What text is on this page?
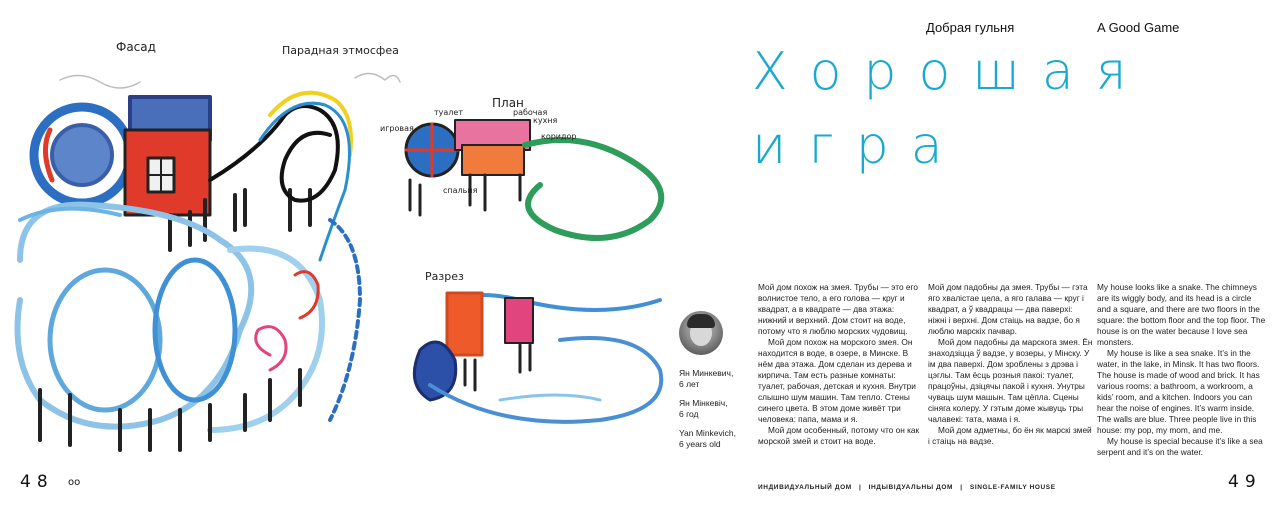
Фасад	Парадная этмосфеа
План
туалет
игровая
рабочая
кухня
коридор
спальня
Разрез
48 oo
Добрая гульня	A Good Game
Хорошая
игра
Ян Минкевич,
6 лет
Ян Мінкевіч,
6 год
Yan Minkevich,
6 years old

Мой дом похож на змея. Трубы — это его волнистое тело, а его голова — круг и квадрат, а в квадрате — два этажа: нижний и верхний. Дом стоит на воде, потому что я люблю морских чудовищ.

Мой дом похож на морского змея. Он находится в воде, в озере, в Минске. В нём два этажа. Дом сделан из дерева и кирпича. Там есть разные комнаты: туалет, рабочая, детская и кухня. Внутри слышно шум машин. Там тепло. Стены синего цвета. В этом доме живёт три человека: папа, мама и я.

Мой дом особенный, потому что он как морской змей и стоит на воде.

Мой дом падобны да змея. Трубы — гэта яго хвалістае цела, а яго галава — круг і квадрат, а ў квадрацы — два паверхі: ніжні і верхні. Дом стаіць на вадзе, бо я люблю марскіх пачвар.

Мой дом падобны да марскога змея. Ён знаходзіцца ў вадзе, у возеры, у Мінску. У ім два паверхі. Дом зроблены з дрэва і цэглы. Там ёсць розныя пакоі: туалет, працоўны, дзіцячы пакой і кухня. Унутры чуваць шум машын. Там цёпла. Сцены сіняга колеру. У гэтым доме жывуць тры чалавекі: тата, мама і я.

Мой дом адметны, бо ён як марскі змей і стаіць на вадзе.

My house looks like a snake. The chimneys are its wiggly body, and its head is a circle and a square, and there are two floors in the square: the bottom floor and the top floor. The house is on the water because I love sea monsters.

My house is like a sea snake. It’s in the water, in the lake, in Minsk. It has two floors. The house is made of wood and brick. It has various rooms: a bathroom, a workroom, a kids’ room, and a kitchen. Indoors you can hear the noise of engines. It’s warm inside. The walls are blue. Three people live in this house: my pop, my mom, and me.

My house is special because it’s like a sea serpent and it’s on the water.

ИНДИВИДУАЛЬНЫЙ ДОМ   |   ІНДЫВІДУАЛЬНЫ ДОМ   |   SINGLE-FAMILY HOUSE	49
